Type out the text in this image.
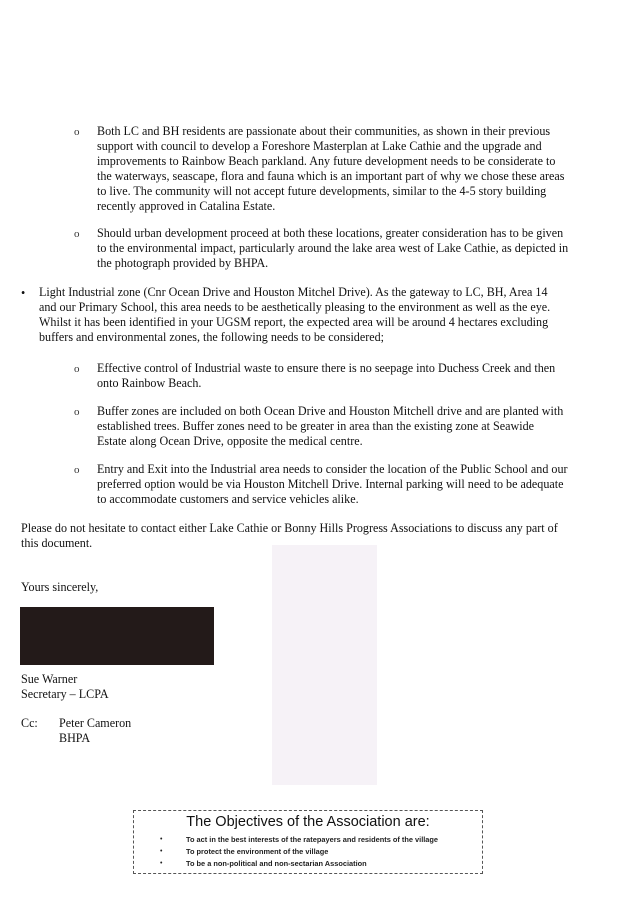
o Both LC and BH residents are passionate about their communities, as shown in their previous
support with council to develop a Foreshore Masterplan at Lake Cathie and the upgrade and
improvements to Rainbow Beach parkland. Any future development needs to be considerate to
the waterways, seascape, flora and fauna which is an important part of why we chose these areas
to live. The community will not accept future developments, similar to the 4-5 story building
recently approved in Catalina Estate.
o Should urban development proceed at both these locations, greater consideration has to be given
to the environmental impact, particularly around the lake area west of Lake Cathie, as depicted in
the photograph provided by BHPA.
• Light Industrial zone (Cnr Ocean Drive and Houston Mitchel Drive). As the gateway to LC, BH, Area 14
and our Primary School, this area needs to be aesthetically pleasing to the environment as well as the eye.
Whilst it has been identified in your UGSM report, the expected area will be around 4 hectares excluding
buffers and environmental zones, the following needs to be considered;
o Effective control of Industrial waste to ensure there is no seepage into Duchess Creek and then
onto Rainbow Beach.
o Buffer zones are included on both Ocean Drive and Houston Mitchell drive and are planted with
established trees. Buffer zones need to be greater in area than the existing zone at Seawide
Estate along Ocean Drive, opposite the medical centre.
o Entry and Exit into the Industrial area needs to consider the location of the Public School and our
preferred option would be via Houston Mitchell Drive. Internal parking will need to be adequate
to accommodate customers and service vehicles alike.
Please do not hesitate to contact either Lake Cathie or Bonny Hills Progress Associations to discuss any part of
this document.
Yours sincerely,
Sue Warner
Secretary – LCPA
Cc: Peter Cameron
BHPA
The Objectives of the Association are:
•	To act in the best interests of the ratepayers and residents of the village
•	To protect the environment of the village
•	To be a non-political and non-sectarian Association
